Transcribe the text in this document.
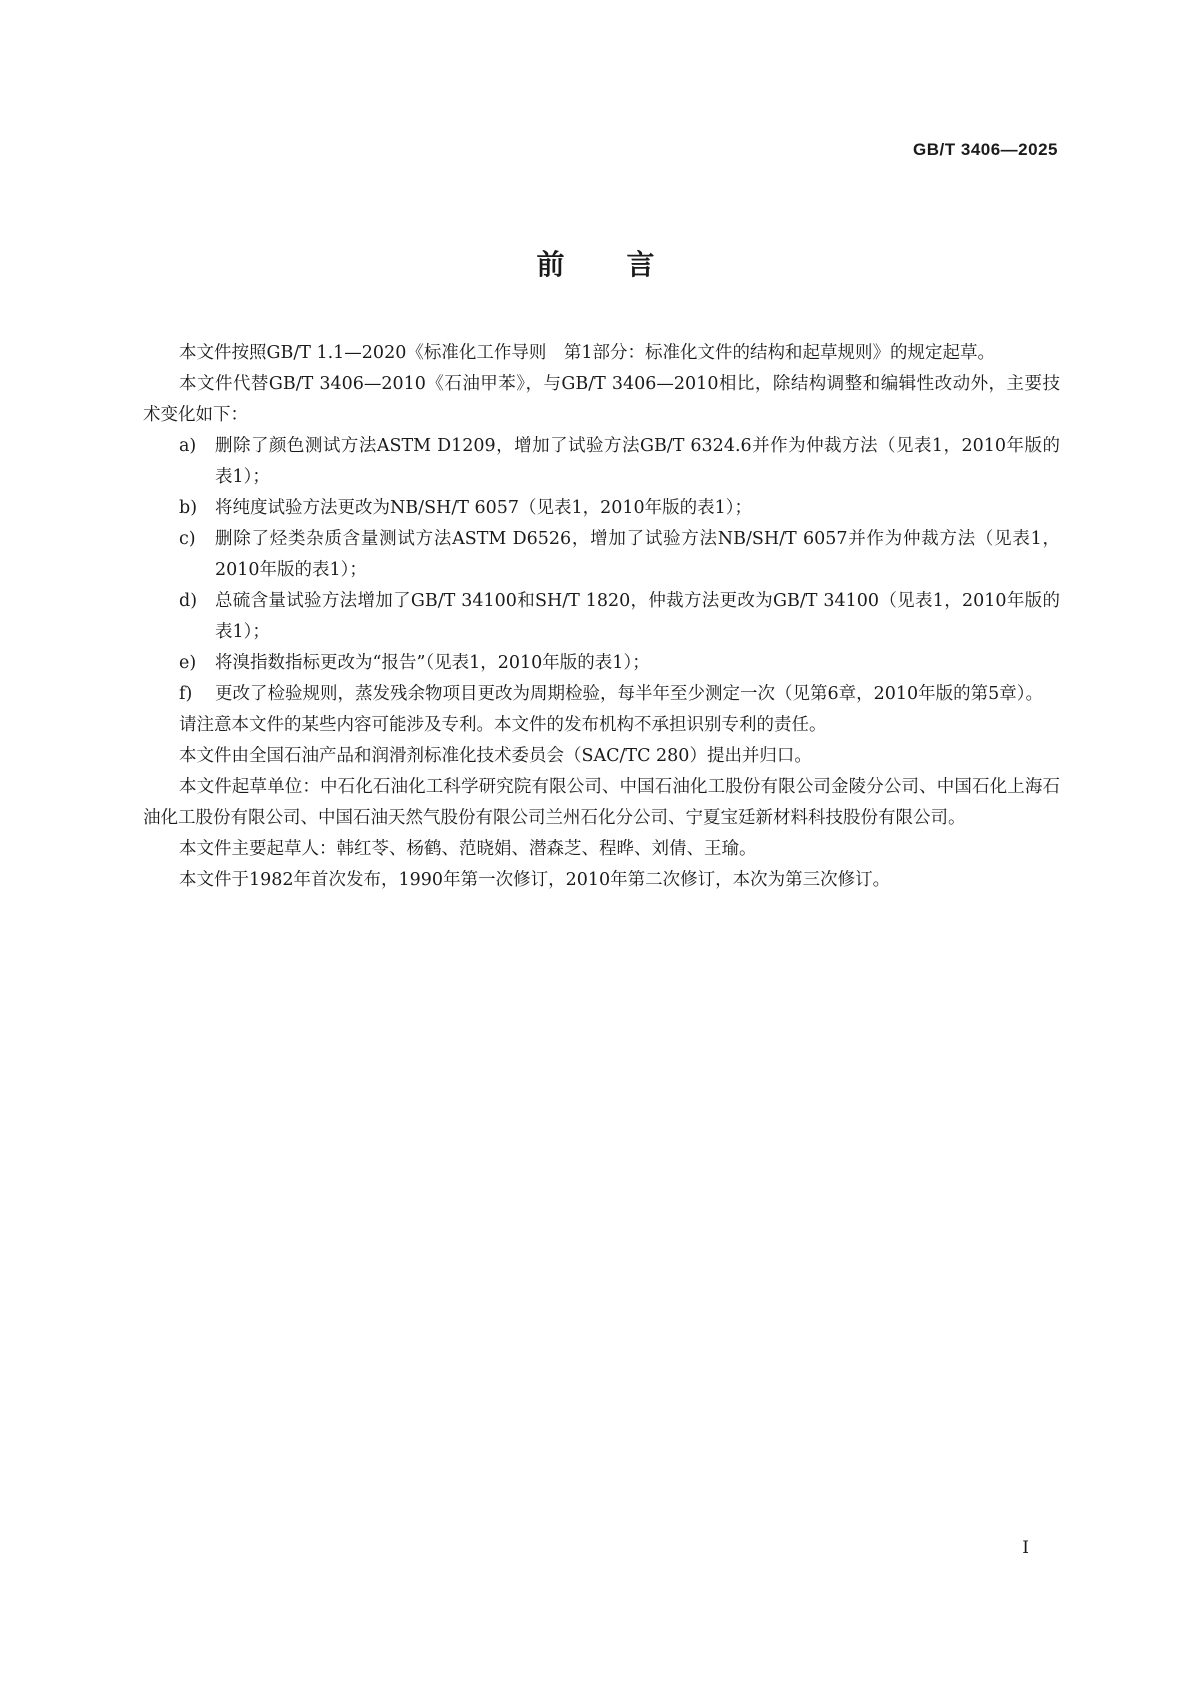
GB/T 3406—2025
前 言

本文件按照GB/T 1.1—2020《标准化工作导则　第1部分：标准化文件的结构和起草规则》的规定起草。

本文件代替GB/T 3406—2010《石油甲苯》，与GB/T 3406—2010相比，除结构调整和编辑性改动外，主要技术变化如下：

a)	删除了颜色测试方法ASTM D1209，增加了试验方法GB/T 6324.6并作为仲裁方法（见表1，2010年版的表1）；
b)	将纯度试验方法更改为NB/SH/T 6057（见表1，2010年版的表1）；
c)	删除了烃类杂质含量测试方法ASTM D6526，增加了试验方法NB/SH/T 6057并作为仲裁方法（见表1，2010年版的表1）；
d)	总硫含量试验方法增加了GB/T 34100和SH/T 1820，仲裁方法更改为GB/T 34100（见表1，2010年版的表1）；
e)	将溴指数指标更改为“报告”（见表1，2010年版的表1）；
f)	更改了检验规则，蒸发残余物项目更改为周期检验，每半年至少测定一次（见第6章，2010年版的第5章）。

请注意本文件的某些内容可能涉及专利。本文件的发布机构不承担识别专利的责任。

本文件由全国石油产品和润滑剂标准化技术委员会（SAC/TC 280）提出并归口。

本文件起草单位：中石化石油化工科学研究院有限公司、中国石油化工股份有限公司金陵分公司、中国石化上海石油化工股份有限公司、中国石油天然气股份有限公司兰州石化分公司、宁夏宝廷新材料科技股份有限公司。

本文件主要起草人：韩红苓、杨鹤、范晓娟、潜森芝、程晔、刘倩、王瑜。

本文件于1982年首次发布，1990年第一次修订，2010年第二次修订，本次为第三次修订。

I
